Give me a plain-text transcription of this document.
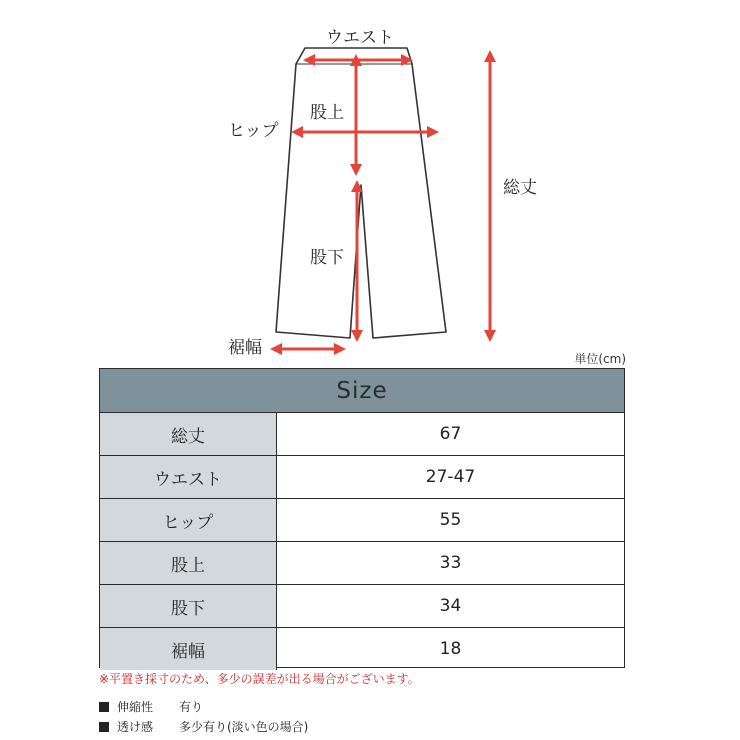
ウエスト
股上
ヒップ
総丈
股下
裾幅
単位(cm)
Size
総丈	67
ウエスト	27-47
ヒップ	55
股上	33
股下	34
裾幅	18
※平置き採寸のため、多少の誤差が出る場合がございます。
伸縮性	有り
透け感	多少有り(淡い色の場合)
